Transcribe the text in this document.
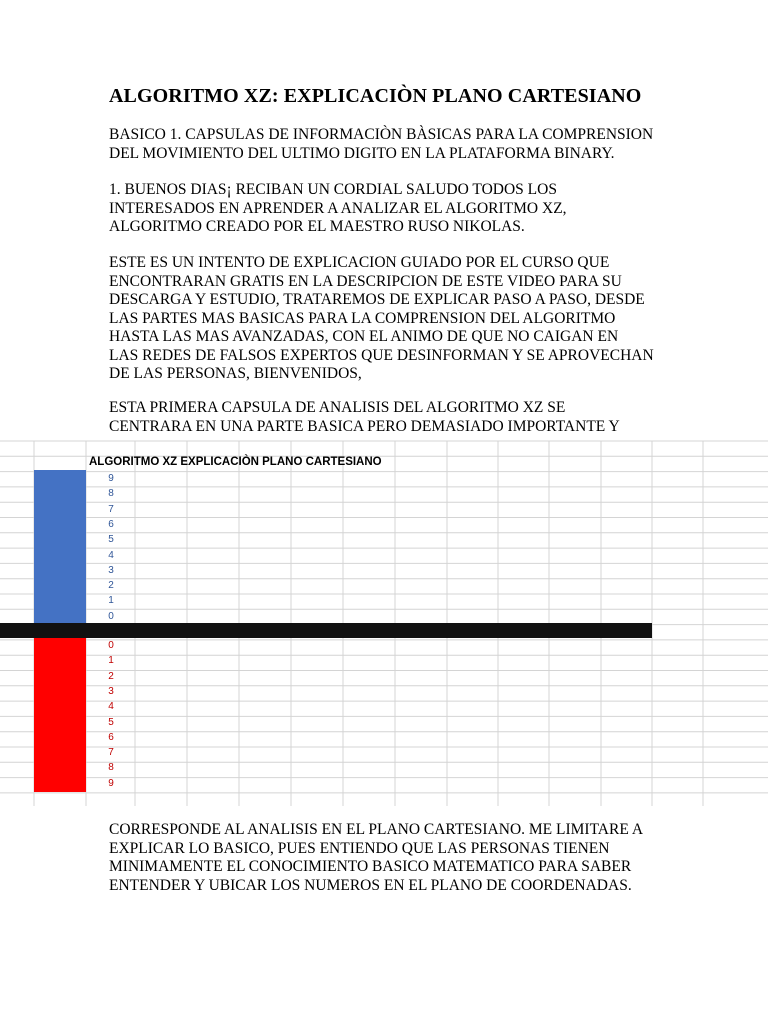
ALGORITMO XZ: EXPLICACIÒN PLANO CARTESIANO
BASICO 1. CAPSULAS DE INFORMACIÒN BÀSICAS PARA LA COMPRENSION
DEL MOVIMIENTO DEL ULTIMO DIGITO EN LA PLATAFORMA BINARY.
1. BUENOS DIAS¡ RECIBAN UN CORDIAL SALUDO TODOS LOS
INTERESADOS EN APRENDER A ANALIZAR EL ALGORITMO XZ,
ALGORITMO CREADO POR EL MAESTRO RUSO NIKOLAS.
ESTE ES UN INTENTO DE EXPLICACION GUIADO POR EL CURSO QUE
ENCONTRARAN GRATIS EN LA DESCRIPCION DE ESTE VIDEO PARA SU
DESCARGA Y ESTUDIO, TRATAREMOS DE EXPLICAR PASO A PASO, DESDE
LAS PARTES MAS BASICAS PARA LA COMPRENSION DEL ALGORITMO
HASTA LAS MAS AVANZADAS, CON EL ANIMO DE QUE NO CAIGAN EN
LAS REDES DE FALSOS EXPERTOS QUE DESINFORMAN Y SE APROVECHAN
DE LAS PERSONAS, BIENVENIDOS,
ESTA PRIMERA CAPSULA DE ANALISIS DEL ALGORITMO XZ SE
CENTRARA EN UNA PARTE BASICA PERO DEMASIADO IMPORTANTE Y
ALGORITMO XZ EXPLICACIÒN PLANO CARTESIANO
9
8
7
6
5
4
3
2
1
0
0
1
2
3
4
5
6
7
8
9
CORRESPONDE AL ANALISIS EN EL PLANO CARTESIANO. ME LIMITARE A
EXPLICAR LO BASICO, PUES ENTIENDO QUE LAS PERSONAS TIENEN
MINIMAMENTE EL CONOCIMIENTO BASICO MATEMATICO PARA SABER
ENTENDER Y UBICAR LOS NUMEROS EN EL PLANO DE COORDENADAS.
